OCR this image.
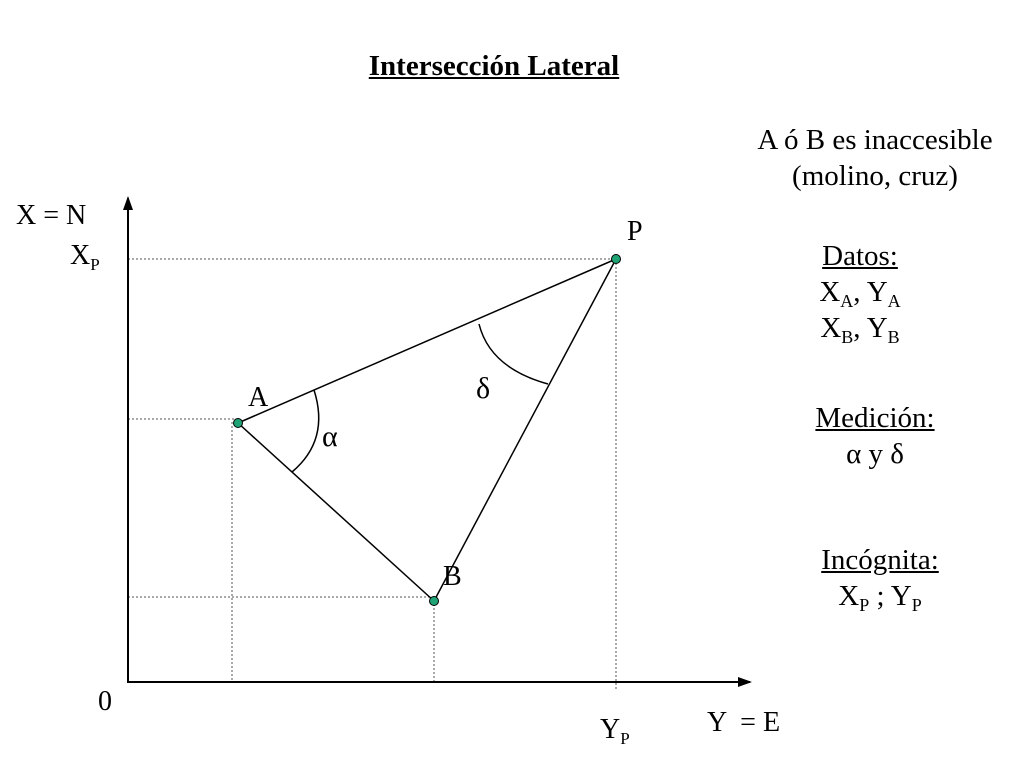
Intersección Lateral
X = N
$X_P$
0
Y  = E
$Y_P$
A
B
P
α
δ
A ó B es inaccesible
(molino, cruz)
Datos:
$X_A$, $Y_A$
$X_B$, $Y_B$
Medición:
α y δ
Incógnita:
$X_P$ ; $Y_P$
